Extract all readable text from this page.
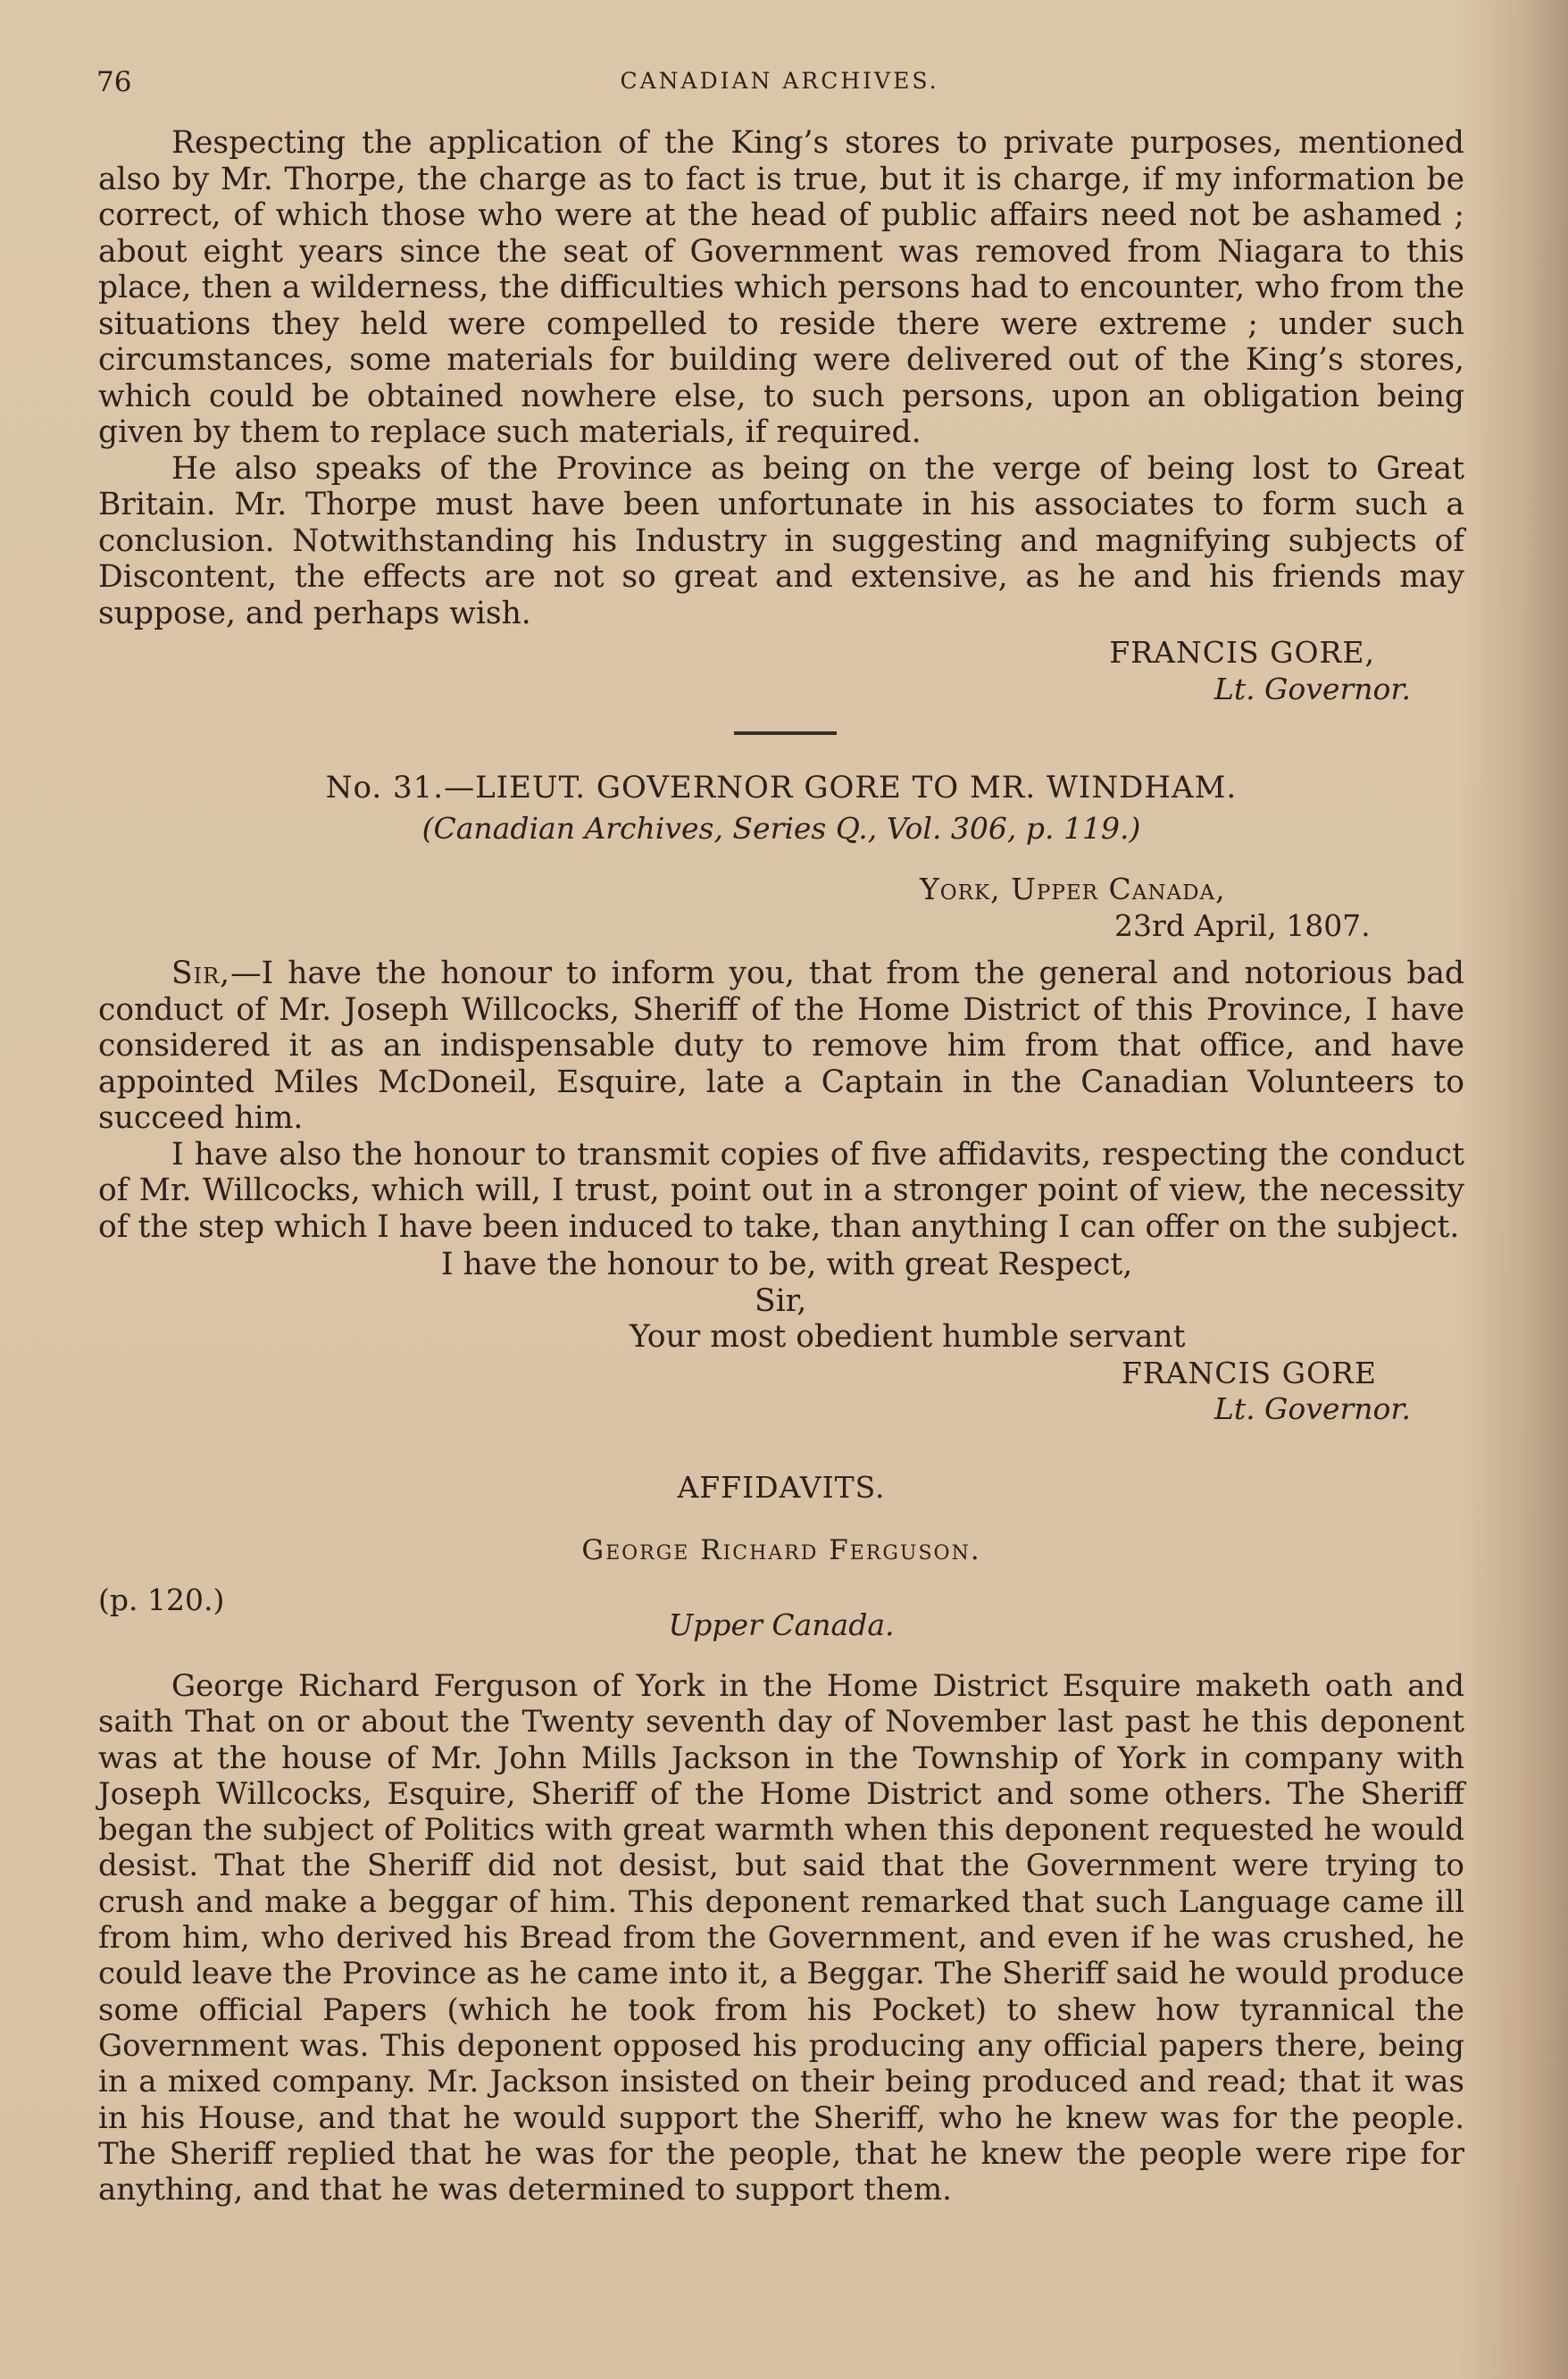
76	CANADIAN ARCHIVES.

Respecting the application of the King’s stores to private purposes, mentioned also by Mr. Thorpe, the charge as to fact is true, but it is charge, if my information be correct, of which those who were at the head of public affairs need not be ashamed ; about eight years since the seat of Government was removed from Niagara to this place, then a wilderness, the difficulties which persons had to encounter, who from the situations they held were compelled to reside there were extreme ; under such circumstances, some materials for building were delivered out of the King’s stores, which could be obtained nowhere else, to such persons, upon an obligation being given by them to replace such materials, if required.

He also speaks of the Province as being on the verge of being lost to Great Britain. Mr. Thorpe must have been unfortunate in his associates to form such a conclusion. Notwithstanding his Industry in suggesting and magnifying subjects of Discontent, the effects are not so great and extensive, as he and his friends may suppose, and perhaps wish.

FRANCIS GORE,
Lt. Governor.
No. 31.—LIEUT. GOVERNOR GORE TO MR. WINDHAM.
(Canadian Archives, Series Q., Vol. 306, p. 119.)
York, Upper Canada,
23rd April, 1807.

Sir,—I have the honour to inform you, that from the general and notorious bad conduct of Mr. Joseph Willcocks, Sheriff of the Home District of this Province, I have considered it as an indispensable duty to remove him from that office, and have appointed Miles McDoneil, Esquire, late a Captain in the Canadian Volunteers to succeed him.

I have also the honour to transmit copies of five affidavits, respecting the conduct of Mr. Willcocks, which will, I trust, point out in a stronger point of view, the necessity of the step which I have been induced to take, than anything I can offer on the subject.

I have the honour to be, with great Respect,
Sir,
Your most obedient humble servant
FRANCIS GORE
Lt. Governor.
AFFIDAVITS.
George Richard Ferguson.
(p. 120.)
Upper Canada.

George Richard Ferguson of York in the Home District Esquire maketh oath and saith That on or about the Twenty seventh day of November last past he this deponent was at the house of Mr. John Mills Jackson in the Township of York in company with Joseph Willcocks, Esquire, Sheriff of the Home District and some others. The Sheriff began the subject of Politics with great warmth when this deponent requested he would desist. That the Sheriff did not desist, but said that the Government were trying to crush and make a beggar of him. This deponent remarked that such Language came ill from him, who derived his Bread from the Government, and even if he was crushed, he could leave the Province as he came into it, a Beggar. The Sheriff said he would produce some official Papers (which he took from his Pocket) to shew how tyrannical the Government was. This deponent opposed his producing any official papers there, being in a mixed company. Mr. Jackson insisted on their being produced and read; that it was in his House, and that he would support the Sheriff, who he knew was for the people. The Sheriff replied that he was for the people, that he knew the people were ripe for anything, and that he was determined to support them.
